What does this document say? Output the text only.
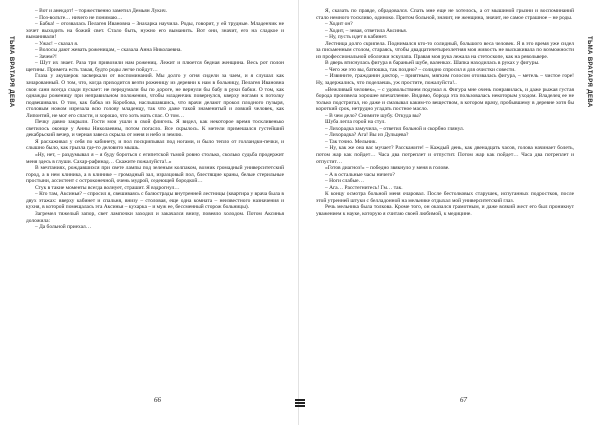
ТЬМА ВРАТАРЯ ДЕВА

– Вот и анекдот! – торжественно заметил Демьян Лукич.

– Поз-волъте… ничего не понимаю…

– Бабка! – отозвалась Пелагея Ивановна – Знахарка научила. Роды, говорит, у ей трудные. Младенчик не хочет выходить на божий свет. Стало быть, нужно его выманить. Вот они, значит, его на сладкое и выманивали!

– Ужас! – сказал я.

– Волосы дают жевать роженицам, – сказала Анна Николаевна.

– Зачем?!

– Шут их знает. Раза три привозили нам рожениц. Лежит и плюется бедная женщина. Весь рот полон щетины. Примета есть такая, будто роды легче пойдут…

Глаза у акушерок засверкали от воспоминаний. Мы долго у огня сидели за чаем, и я слушал как зачарованный. О том, что, когда приходится везти роженицу из деревни к нам в больницу, Пелагея Ивановна свои сани всегда сзади пускает: не передумали бы по дороге, не вернули бы бабу в руки бабки. О том, как однажды роженицу при неправильном положении, чтобы младенчик повернулся, кверху ногами к потолку подвешивали. О том, как бабка из Коробова, наслышавшись, что врачи делают прокол плодного пузыря, столовым ножом изрезала всю голову младенцу, так что даже такой знаменитый и ловкий человек, как Липонтий, не мог его спасти, и хорошо, что хоть мать спас. О том…

Печку давно закрыли. Гости мои ушли в свой флигель. Я видел, как некоторое время тоскливенько светилось оконце у Анны Николаевны, потом погасло. Все скрылось. К метели примешался густейший декабрьский вечер, и черная завеса скрыла от меня и небо и землю.

Я расхаживал у себя по кабинету, и пол поскрипывал под ногами, и было тепло от голландки-печки, и слышно было, как грызла где-то деловито мышь.

«Ну, нет, – раздумывал я – я буду бороться с египетской тьмой ровно столько, сколько судьба продержит меня здесь в глуши. Сахар-рафинад… Скажите пожалуйста!..»

В мечтаниях, рождавшихся при свете лампы под зеленым колпаком, возник громадный университетский город, а в нем клиника, а в клинике – громадный зал, изразцовый пол, блестящие краны, белые стерильные простыни, ассистент с остроконечной, очень мудрой, седеющей бородкой…

Стук в такие моменты всегда волнует, страшит. Я вздрогнул…

– Кто там, Аксинья? – спросил я, свешиваясь с балюстрады внутренней лестницы (квартира у врача была в двух этажах: вверху кабинет и спальня, внизу – столовая, еще одна комната – неизвестного назначения и кухня, в которой помещалась эта Аксинья – кухарка – и муж ее, бессменный сторож больницы).

Загремел тяжелый запор, свет лампочки заходил и закачался внизу, повеяло холодом. Потом Аксинья доложила:

– Да больной приехал…

66
ТЬМА ВРАТАРЯ ДЕВА

Я, сказать по правде, обрадовался. Спать мне еще не хотелось, а от мышиной грызни и воспоминаний стало немного тоскливо, одиноко. Притом больной, значит, не женщина, значит, не самое страшное – не роды.

– Ходит он?

– Ходит, – зевая, ответила Аксинья.

– Ну, пусть идет в кабинет.

Лестница долго скрипела. Поднимался кто-то солидный, большого веса человек. Я в это время уже сидел за письменным столом, стараясь, чтобы двадцатичетырехлетняя моя живость не выскакивала по возможности из профессиональной оболочки эскулапа. Правая моя рука лежала на стетоскопе, как на револьвере.

В дверь втиснулась фигура в бараньей шубе, валенках. Шапка находилась в руках у фигуры.

– Чего же это вы, батюшка, так поздно? – солидно спросил я для очистки совести.

– Извините, гражданин доктор, – приятным, мягким голосом отозвалась фигура, – метель – чистое горе! Ну, задержались, что поделаешь, уж простите, пожалуйста!..

«Вежливый человек», – с удовольствием подумал я. Фигура мне очень понравилась, и даже рыжая густая борода произвела хорошее впечатление. Видимо, борода эта пользовалась некоторым уходом. Владелец ее не только подстригал, но даже и смазывал каким-то веществом, в котором врачу, пробывшему в деревне хотя бы короткий срок, нетрудно угадать постное масло.

– В чем дело? Снимите шубу. Откуда вы?

Шуба легла горой на стул.

– Лихорадка замучила, – ответил больной и скорбно глянул.

– Лихорадка? Ага! Вы из Дульцева?

– Так точно. Мельник.

– Ну, как же она вас мучает? Расскажите! – Каждый день, как двенадцать часов, голова начинает болеть, потом жар как пойдет… Часа два потреплет и отпустит. Потом жар как пойдет… Часа два потреплет и отпустит…

«Готов диагноз!» – победно звякнуло у меня в голове.

– А в остальные часы ничего?

– Ноги слабые…

– Ага… Расстегнитесь! Гм… так.

К концу осмотра больной меня очаровал. После бестолковых старушек, испуганных подростков, после этой утренней штуки с белладонной на мельнике отдыхал мой университетский глаз.

Речь мельника была толкова. Кроме того, он оказался грамотным, и даже всякий жест его был проникнут уважением к науке, которую я считаю своей любимой, к медицине.

67
